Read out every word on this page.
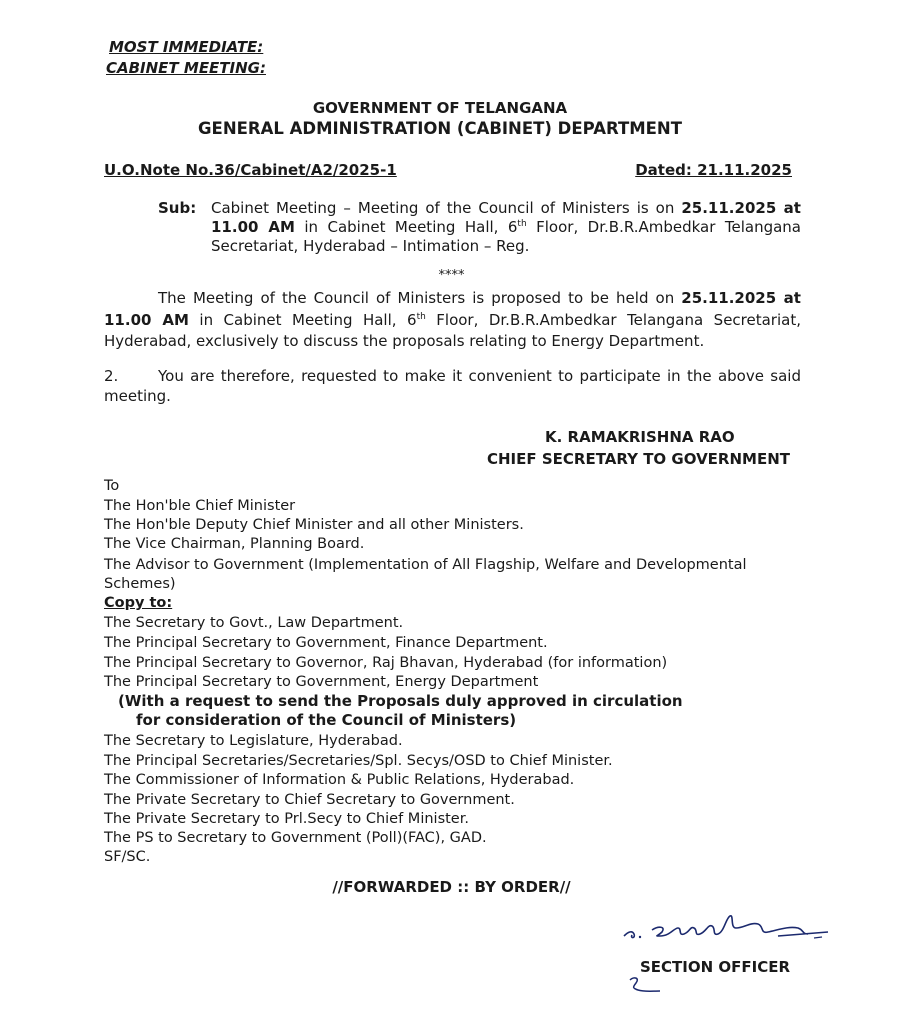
MOST IMMEDIATE:
CABINET MEETING:
GOVERNMENT OF TELANGANA
GENERAL ADMINISTRATION (CABINET) DEPARTMENT
U.O.Note No.36/Cabinet/A2/2025-1	Dated: 21.11.2025
Sub: Cabinet Meeting – Meeting of the Council of Ministers is on 25.11.2025 at
11.00 AM in Cabinet Meeting Hall, 6th Floor, Dr.B.R.Ambedkar Telangana
Secretariat, Hyderabad – Intimation – Reg.
****
The Meeting of the Council of Ministers is proposed to be held on 25.11.2025 at
11.00 AM in Cabinet Meeting Hall, 6th Floor, Dr.B.R.Ambedkar Telangana Secretariat,
Hyderabad, exclusively to discuss the proposals relating to Energy Department.
2.	You are therefore, requested to make it convenient to participate in the above said
meeting.
K. RAMAKRISHNA RAO
CHIEF SECRETARY TO GOVERNMENT
To
The Hon'ble Chief Minister
The Hon'ble Deputy Chief Minister and all other Ministers.
The Vice Chairman, Planning Board.
The Advisor to Government (Implementation of All Flagship, Welfare and Developmental
Schemes)
Copy to:
The Secretary to Govt., Law Department.
The Principal Secretary to Government, Finance Department.
The Principal Secretary to Governor, Raj Bhavan, Hyderabad (for information)
The Principal Secretary to Government, Energy Department
(With a request to send the Proposals duly approved in circulation
for consideration of the Council of Ministers)
The Secretary to Legislature, Hyderabad.
The Principal Secretaries/Secretaries/Spl. Secys/OSD to Chief Minister.
The Commissioner of Information & Public Relations, Hyderabad.
The Private Secretary to Chief Secretary to Government.
The Private Secretary to Prl.Secy to Chief Minister.
The PS to Secretary to Government (Poll)(FAC), GAD.
SF/SC.
//FORWARDED :: BY ORDER//
SECTION OFFICER
